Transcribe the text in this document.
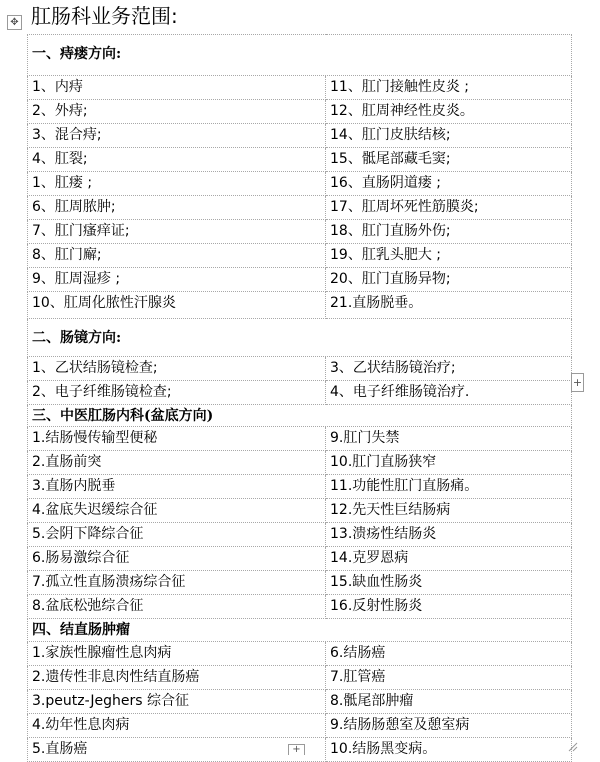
肛肠科业务范围:
✥
一、痔瘘方向:	
1、内痔	11、肛门接触性皮炎 ;
2、外痔;	12、肛周神经性皮炎。
3、混合痔;	14、肛门皮肤结核;
4、肛裂;	15、骶尾部藏毛窦;
1、肛瘘 ;	16、直肠阴道瘘 ;
6、肛周脓肿;	17、肛周坏死性筋膜炎;
7、肛门瘙痒证;	18、肛门直肠外伤;
8、肛门廨;	19、肛乳头肥大 ;
9、肛周湿疹 ;	20、肛门直肠异物;
10、肛周化脓性汗腺炎	21.直肠脱垂。
二、肠镜方向:	
1、乙状结肠镜检查;	3、乙状结肠镜治疗;
2、电子纤维肠镜检查;	4、电子纤维肠镜治疗.
三、中医肛肠内科(盆底方向)	
1.结肠慢传输型便秘	9.肛门失禁
2.直肠前突	10.肛门直肠狭窄
3.直肠内脱垂	11.功能性肛门直肠痛。
4.盆底失迟缓综合征	12.先天性巨结肠病
5.会阴下降综合征	13.溃疡性结肠炎
6.肠易激综合征	14.克罗恩病
7.孤立性直肠溃疡综合征	15.缺血性肠炎
8.盆底松弛综合征	16.反射性肠炎
四、结直肠肿瘤	
1.家族性腺瘤性息肉病	6.结肠癌
2.遗传性非息肉性结直肠癌	7.肛管癌
3.peutz-Jeghers 综合征	8.骶尾部肿瘤
4.幼年性息肉病	9.结肠肠憩室及憩室病
5.直肠癌	10.结肠黑变病。
+
+
